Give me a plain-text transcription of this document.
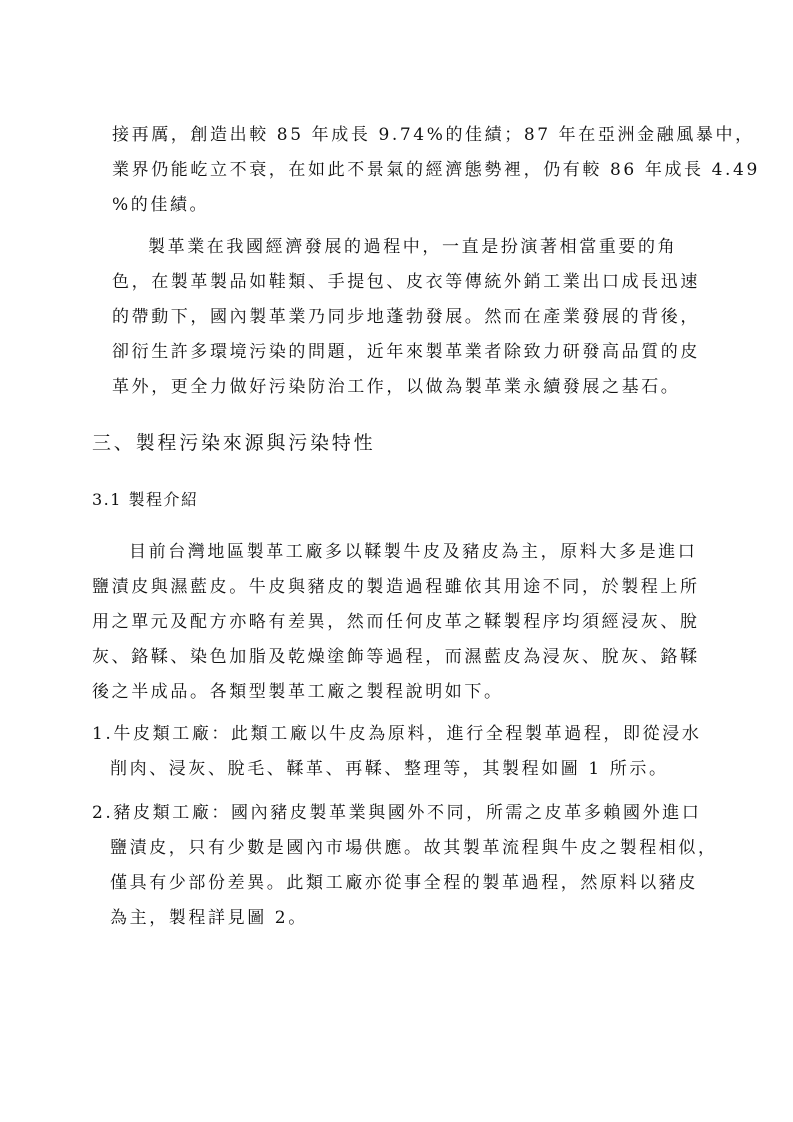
接再厲，創造出較 85 年成長 9.74%的佳績；87 年在亞洲金融風暴中，
業界仍能屹立不衰，在如此不景氣的經濟態勢裡，仍有較 86 年成長 4.49
%的佳績。
製革業在我國經濟發展的過程中，一直是扮演著相當重要的角
色，在製革製品如鞋類、手提包、皮衣等傳統外銷工業出口成長迅速
的帶動下，國內製革業乃同步地蓬勃發展。然而在產業發展的背後，
卻衍生許多環境污染的問題，近年來製革業者除致力研發高品質的皮
革外，更全力做好污染防治工作，以做為製革業永續發展之基石。
三、製程污染來源與污染特性
3.1 製程介紹
目前台灣地區製革工廠多以鞣製牛皮及豬皮為主，原料大多是進口
鹽漬皮與濕藍皮。牛皮與豬皮的製造過程雖依其用途不同，於製程上所
用之單元及配方亦略有差異，然而任何皮革之鞣製程序均須經浸灰、脫
灰、鉻鞣、染色加脂及乾燥塗飾等過程，而濕藍皮為浸灰、脫灰、鉻鞣
後之半成品。各類型製革工廠之製程說明如下。
1.牛皮類工廠：此類工廠以牛皮為原料，進行全程製革過程，即從浸水
削肉、浸灰、脫毛、鞣革、再鞣、整理等，其製程如圖 1 所示。
2.豬皮類工廠：國內豬皮製革業與國外不同，所需之皮革多賴國外進口
鹽漬皮，只有少數是國內市場供應。故其製革流程與牛皮之製程相似，
僅具有少部份差異。此類工廠亦從事全程的製革過程，然原料以豬皮
為主，製程詳見圖 2。
